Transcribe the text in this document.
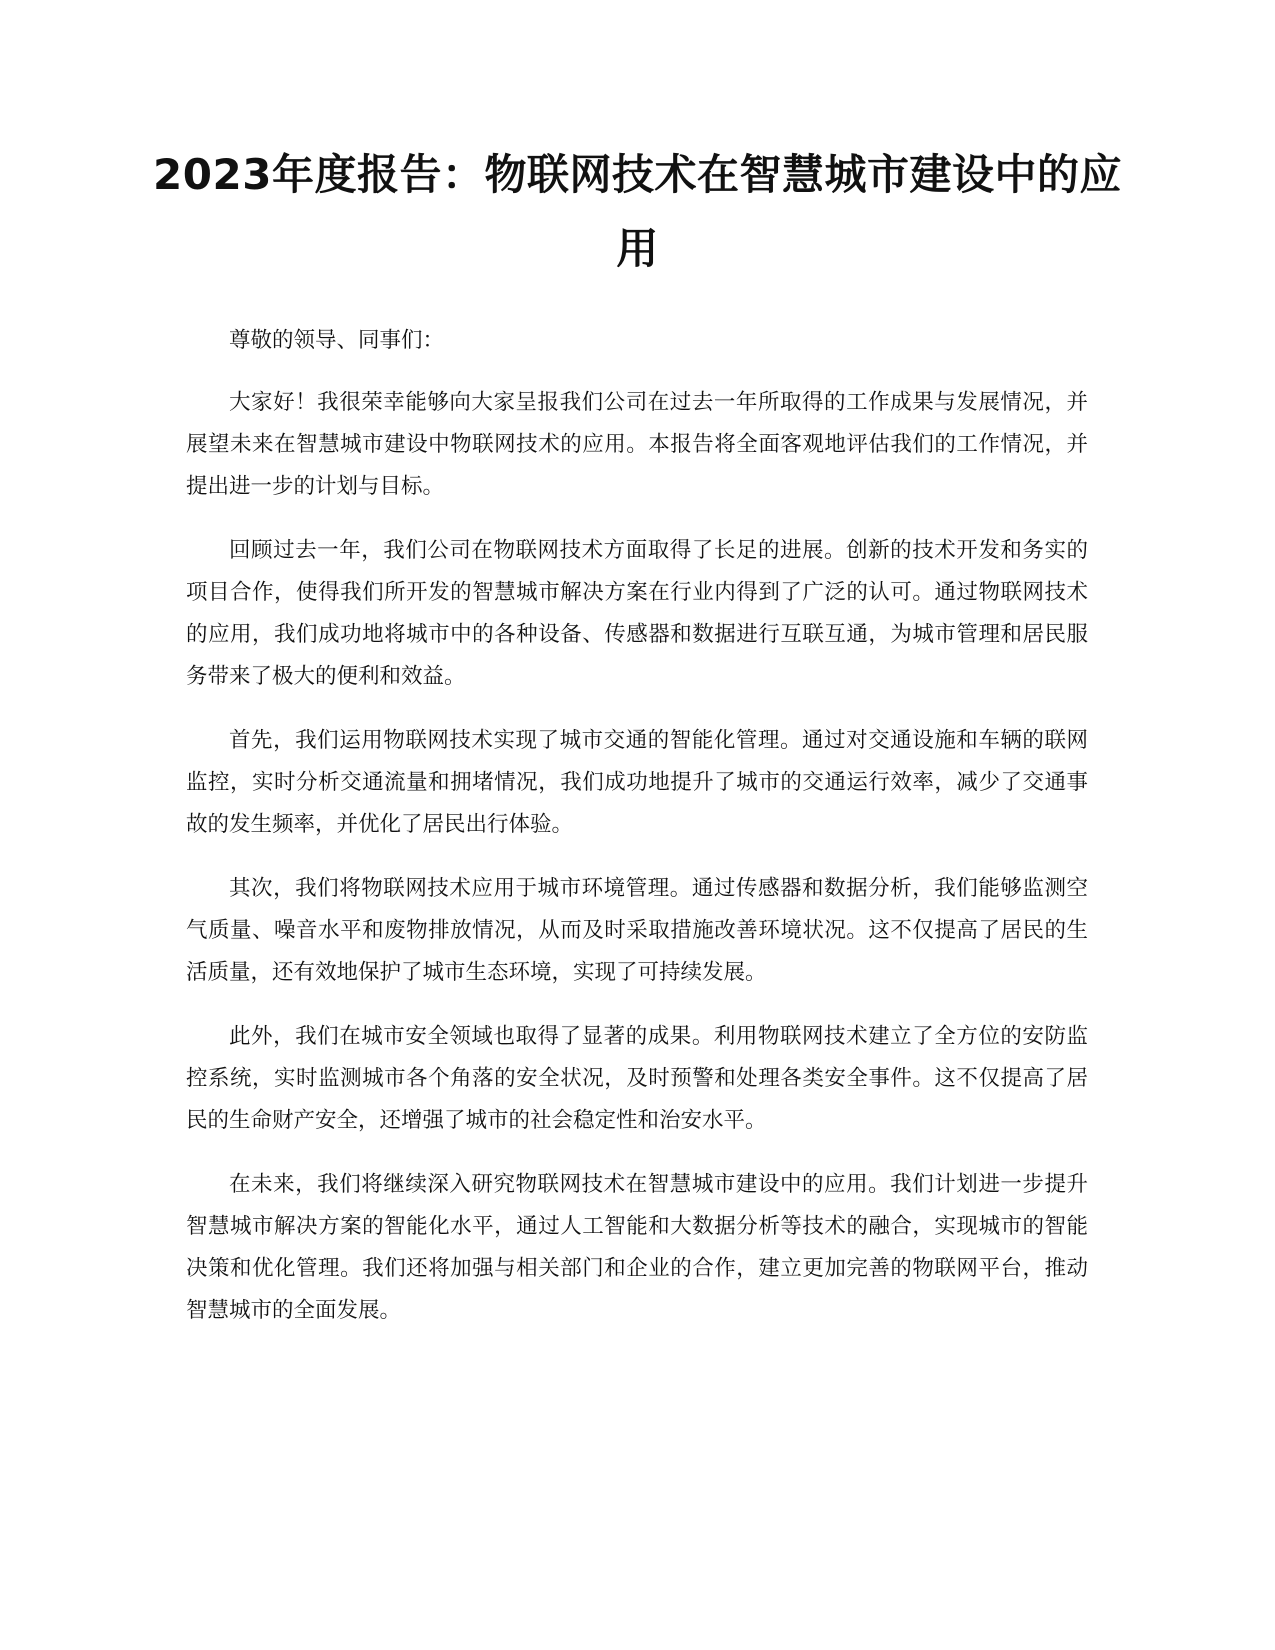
2023年度报告：物联网技术在智慧城市建设中的应用

尊敬的领导、同事们：

大家好！我很荣幸能够向大家呈报我们公司在过去一年所取得的工作成果与发展情况，并展望未来在智慧城市建设中物联网技术的应用。本报告将全面客观地评估我们的工作情况，并提出进一步的计划与目标。

回顾过去一年，我们公司在物联网技术方面取得了长足的进展。创新的技术开发和务实的项目合作，使得我们所开发的智慧城市解决方案在行业内得到了广泛的认可。通过物联网技术的应用，我们成功地将城市中的各种设备、传感器和数据进行互联互通，为城市管理和居民服务带来了极大的便利和效益。

首先，我们运用物联网技术实现了城市交通的智能化管理。通过对交通设施和车辆的联网监控，实时分析交通流量和拥堵情况，我们成功地提升了城市的交通运行效率，减少了交通事故的发生频率，并优化了居民出行体验。

其次，我们将物联网技术应用于城市环境管理。通过传感器和数据分析，我们能够监测空气质量、噪音水平和废物排放情况，从而及时采取措施改善环境状况。这不仅提高了居民的生活质量，还有效地保护了城市生态环境，实现了可持续发展。

此外，我们在城市安全领域也取得了显著的成果。利用物联网技术建立了全方位的安防监控系统，实时监测城市各个角落的安全状况，及时预警和处理各类安全事件。这不仅提高了居民的生命财产安全，还增强了城市的社会稳定性和治安水平。

在未来，我们将继续深入研究物联网技术在智慧城市建设中的应用。我们计划进一步提升智慧城市解决方案的智能化水平，通过人工智能和大数据分析等技术的融合，实现城市的智能决策和优化管理。我们还将加强与相关部门和企业的合作，建立更加完善的物联网平台，推动智慧城市的全面发展。
